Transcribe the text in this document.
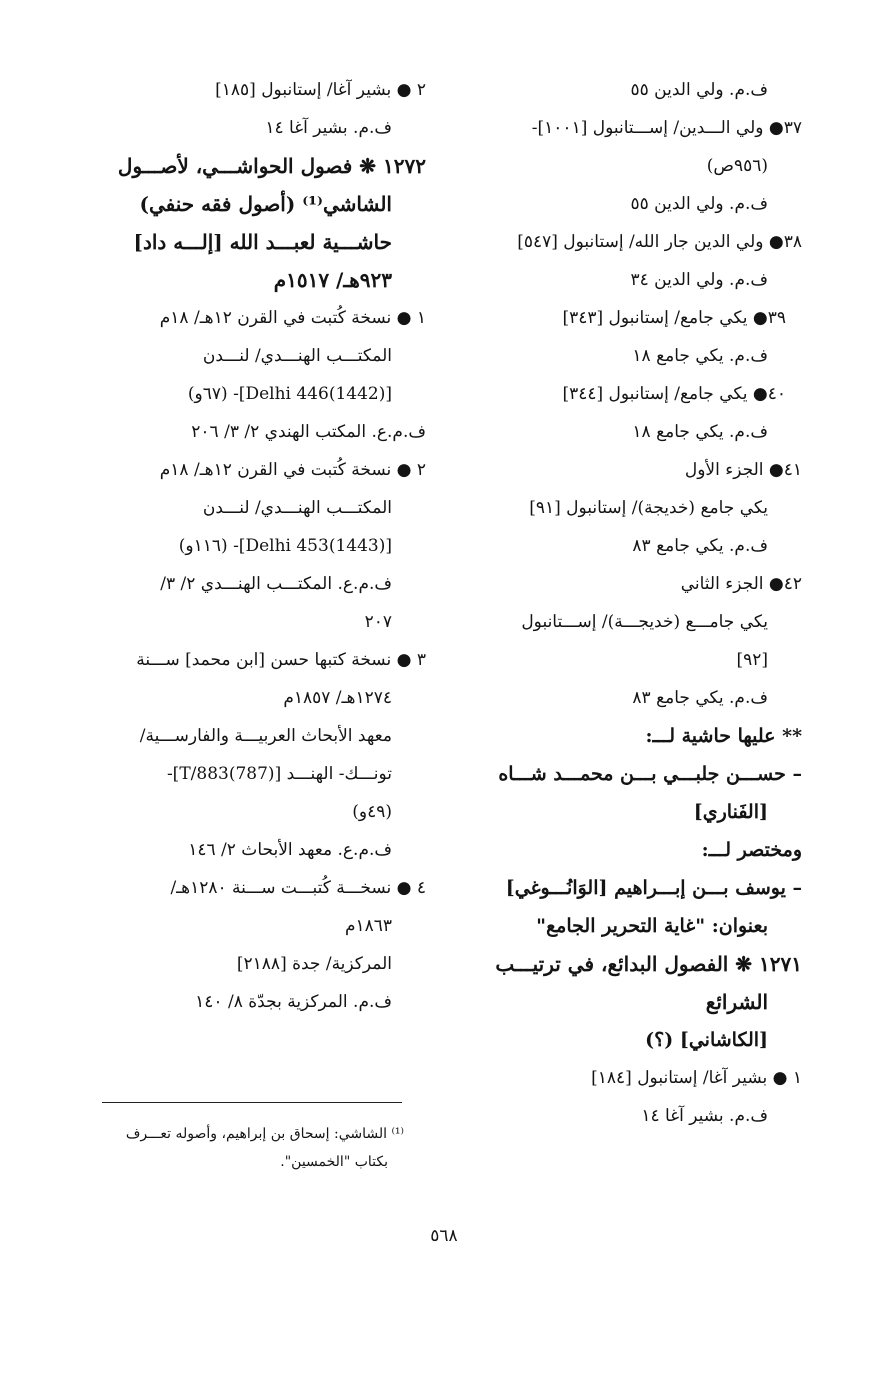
ف.م. ولي الدين ٥٥
٣٧● ولي الـــدين/ إســـتانبول [١٠٠١]-
(٩٥٦ص)
ف.م. ولي الدين ٥٥
٣٨● ولي الدين جار الله/ إستانبول [٥٤٧]
ف.م. ولي الدين ٣٤
٣٩● يكي جامع/ إستانبول [٣٤٣]
ف.م. يكي جامع ١٨
٤٠● يكي جامع/ إستانبول [٣٤٤]
ف.م. يكي جامع ١٨
٤١● الجزء الأول
يكي جامع (خديجة)/ إستانبول [٩١]
ف.م. يكي جامع ٨٣
٤٢● الجزء الثاني
يكي جامـــع (خديجـــة)/ إســـتانبول
[٩٢]
ف.م. يكي جامع ٨٣
** عليها حاشية لـــ:
– حســـن جلبـــي بـــن محمـــد شـــاه
[الفَناري]
ومختصر لـــ:
– يوسف بـــن إبـــراهيم [الوَانُـــوغي]
بعنوان: "غاية التحرير الجامع"
١٢٧١ ❋ الفصول البدائع، في ترتيـــب
الشرائع
[الكاشاني] (؟)
١ ● بشير آغا/ إستانبول [١٨٤]
ف.م. بشير آغا ١٤
٢ ● بشير آغا/ إستانبول [١٨٥]
ف.م. بشير آغا ١٤
١٢٧٢ ❋ فصول الحواشـــي، لأصـــول
الشاشي⁽¹⁾ (أصول فقه حنفي)
حاشـــية لعبـــد الله [إلـــه داد]
٩٢٣هـ/ ١٥١٧م
١ ● نسخة كُتبت في القرن ١٢هـ/ ١٨م
المكتـــب الهنـــدي/ لنـــدن
[Delhi 446(1442)]- (٦٧و)
ف.م.ع. المكتب الهندي ٢/ ٣/ ٢٠٦
٢ ● نسخة كُتبت في القرن ١٢هـ/ ١٨م
المكتـــب الهنـــدي/ لنـــدن
[Delhi 453(1443)]- (١١٦و)
ف.م.ع. المكتـــب الهنـــدي ٢/ ٣/
٢٠٧
٣ ● نسخة كتبها حسن [ابن محمد] ســـنة
١٢٧٤هـ/ ١٨٥٧م
معهد الأبحاث العربيـــة والفارســـية/
تونـــك- الهنـــد [T/883(787)]-
(٤٩و)
ف.م.ع. معهد الأبحاث ٢/ ١٤٦
٤ ● نسخـــة كُتبـــت ســـنة ١٢٨٠هـ/
١٨٦٣م
المركزية/ جدة [٢١٨٨]
ف.م. المركزية بجدّة ٨/ ١٤٠
⁽¹⁾ الشاشي: إسحاق بن إبراهيم، وأصوله تعـــرف
بكتاب "الخمسين".
٥٦٨
